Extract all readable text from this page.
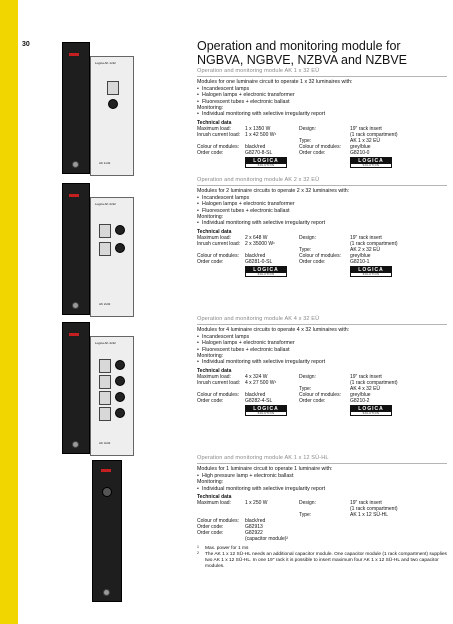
30	Operation and monitoring module for
NGBVA, NGBVE, NZBVA and NZBVE
Logica AK 1x32
AK 1x32
Logica AK 2x32
AK 2x32
Logica AK 4x32
AK 4x32
Operation and monitoring module AK 1 x 32 EÜ
Modules for one luminaire circuit to operate 1 x 32 luminaires with:
• Incandescent lamps
• Halogen lamps + electronic transformer
• Fluorescent tubes + electronic ballast
Monitoring:
• Individual monitoring with selective irregularity report
Technical data
Maximum load:	1 x 1350 W	Design:	19" rack insert
Inrush current load: 1 x 42 500 W¹	(1 rack compartment)
Type:	AK 1 x 32 EÜ
Colour of modules:	black/red	Colour of modules:	grey/blue
Order code:	G8270-8-SL	Order code:	G8210-0
LOGICA
SOLUTION
LOGICA
SOLUTION
Operation and monitoring module AK 2 x 32 EÜ
Modules for 2 luminaire circuits to operate 2 x 32 luminaires with:
• Incandescent lamps
• Halogen lamps + electronic transformer
• Fluorescent tubes + electronic ballast
Monitoring:
• Individual monitoring with selective irregularity report
Technical data
Maximum load:	2 x 648 W	Design:	19" rack insert
Inrush current load: 2 x 35000 W¹	(1 rack compartment)
Type:	AK 2 x 32 EÜ
Colour of modules:	black/red	Colour of modules:	grey/blue
Order code:	G8281-0-SL	Order code:	G8210-1
LOGICA
SOLUTION
LOGICA
SOLUTION
Operation and monitoring module AK 4 x 32 EÜ
Modules for 4 luminaire circuits to operate 4 x 32 luminaires with:
• Incandescent lamps
• Halogen lamps + electronic transformer
• Fluorescent tubes + electronic ballast
Monitoring:
• Individual monitoring with selective irregularity report
Technical data
Maximum load:	4 x 324 W	Design:	19" rack insert
Inrush current load: 4 x 27 500 W¹	(1 rack compartment)
Type:	AK 4 x 32 EÜ
Colour of modules:	black/red	Colour of modules:	grey/blue
Order code:	G8282-4-SL	Order code:	G8210-2
LOGICA
SOLUTION
LOGICA
SOLUTION
Operation and monitoring module AK 1 x 12 SÜ-HL
Modules for 1 luminaire circuit to operate 1 luminaire with:
• High pressure lamp + electronic ballast
Monitoring:
• Individual monitoring with selective irregularity report
Technical data
Maximum load:	1 x 250 W	Design:	19" rack insert
(1 rack compartment)
Type:	AK 1 x 12 SÜ-HL
Colour of modules:	black/red
Order code:	G82913
Order code:	G82922
(capacitor module)²
1 Max. power for 1 ms
2 The AK 1 x 12 SÜ-HL needs an additional capacitor module. One capacitor module (1 rack compartment) supplies two AK 1 x 12 SÜ-HL. In one 19" rack it is possible to insert maximum four AK 1 x 12 SÜ-HL and two capacitor modules.
